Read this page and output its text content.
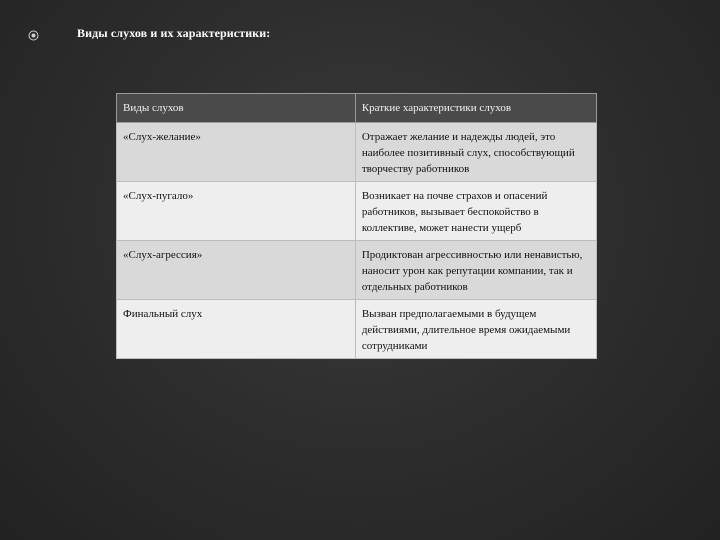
Виды слухов и их характеристики:
Виды слухов	Краткие характеристики слухов
«Слух-желание»	Отражает желание и надежды людей, это наиболее позитивный слух, способствующий творчеству работников
«Слух-пугало»	Возникает на почве страхов и опасений работников, вызывает беспокойство в коллективе, может нанести ущерб
«Слух-агрессия»	Продиктован агрессивностью или ненавистью, наносит урон как репутации компании, так и отдельных работников
Финальный слух	Вызван предполагаемыми в будущем действиями, длительное время ожидаемыми сотрудниками
